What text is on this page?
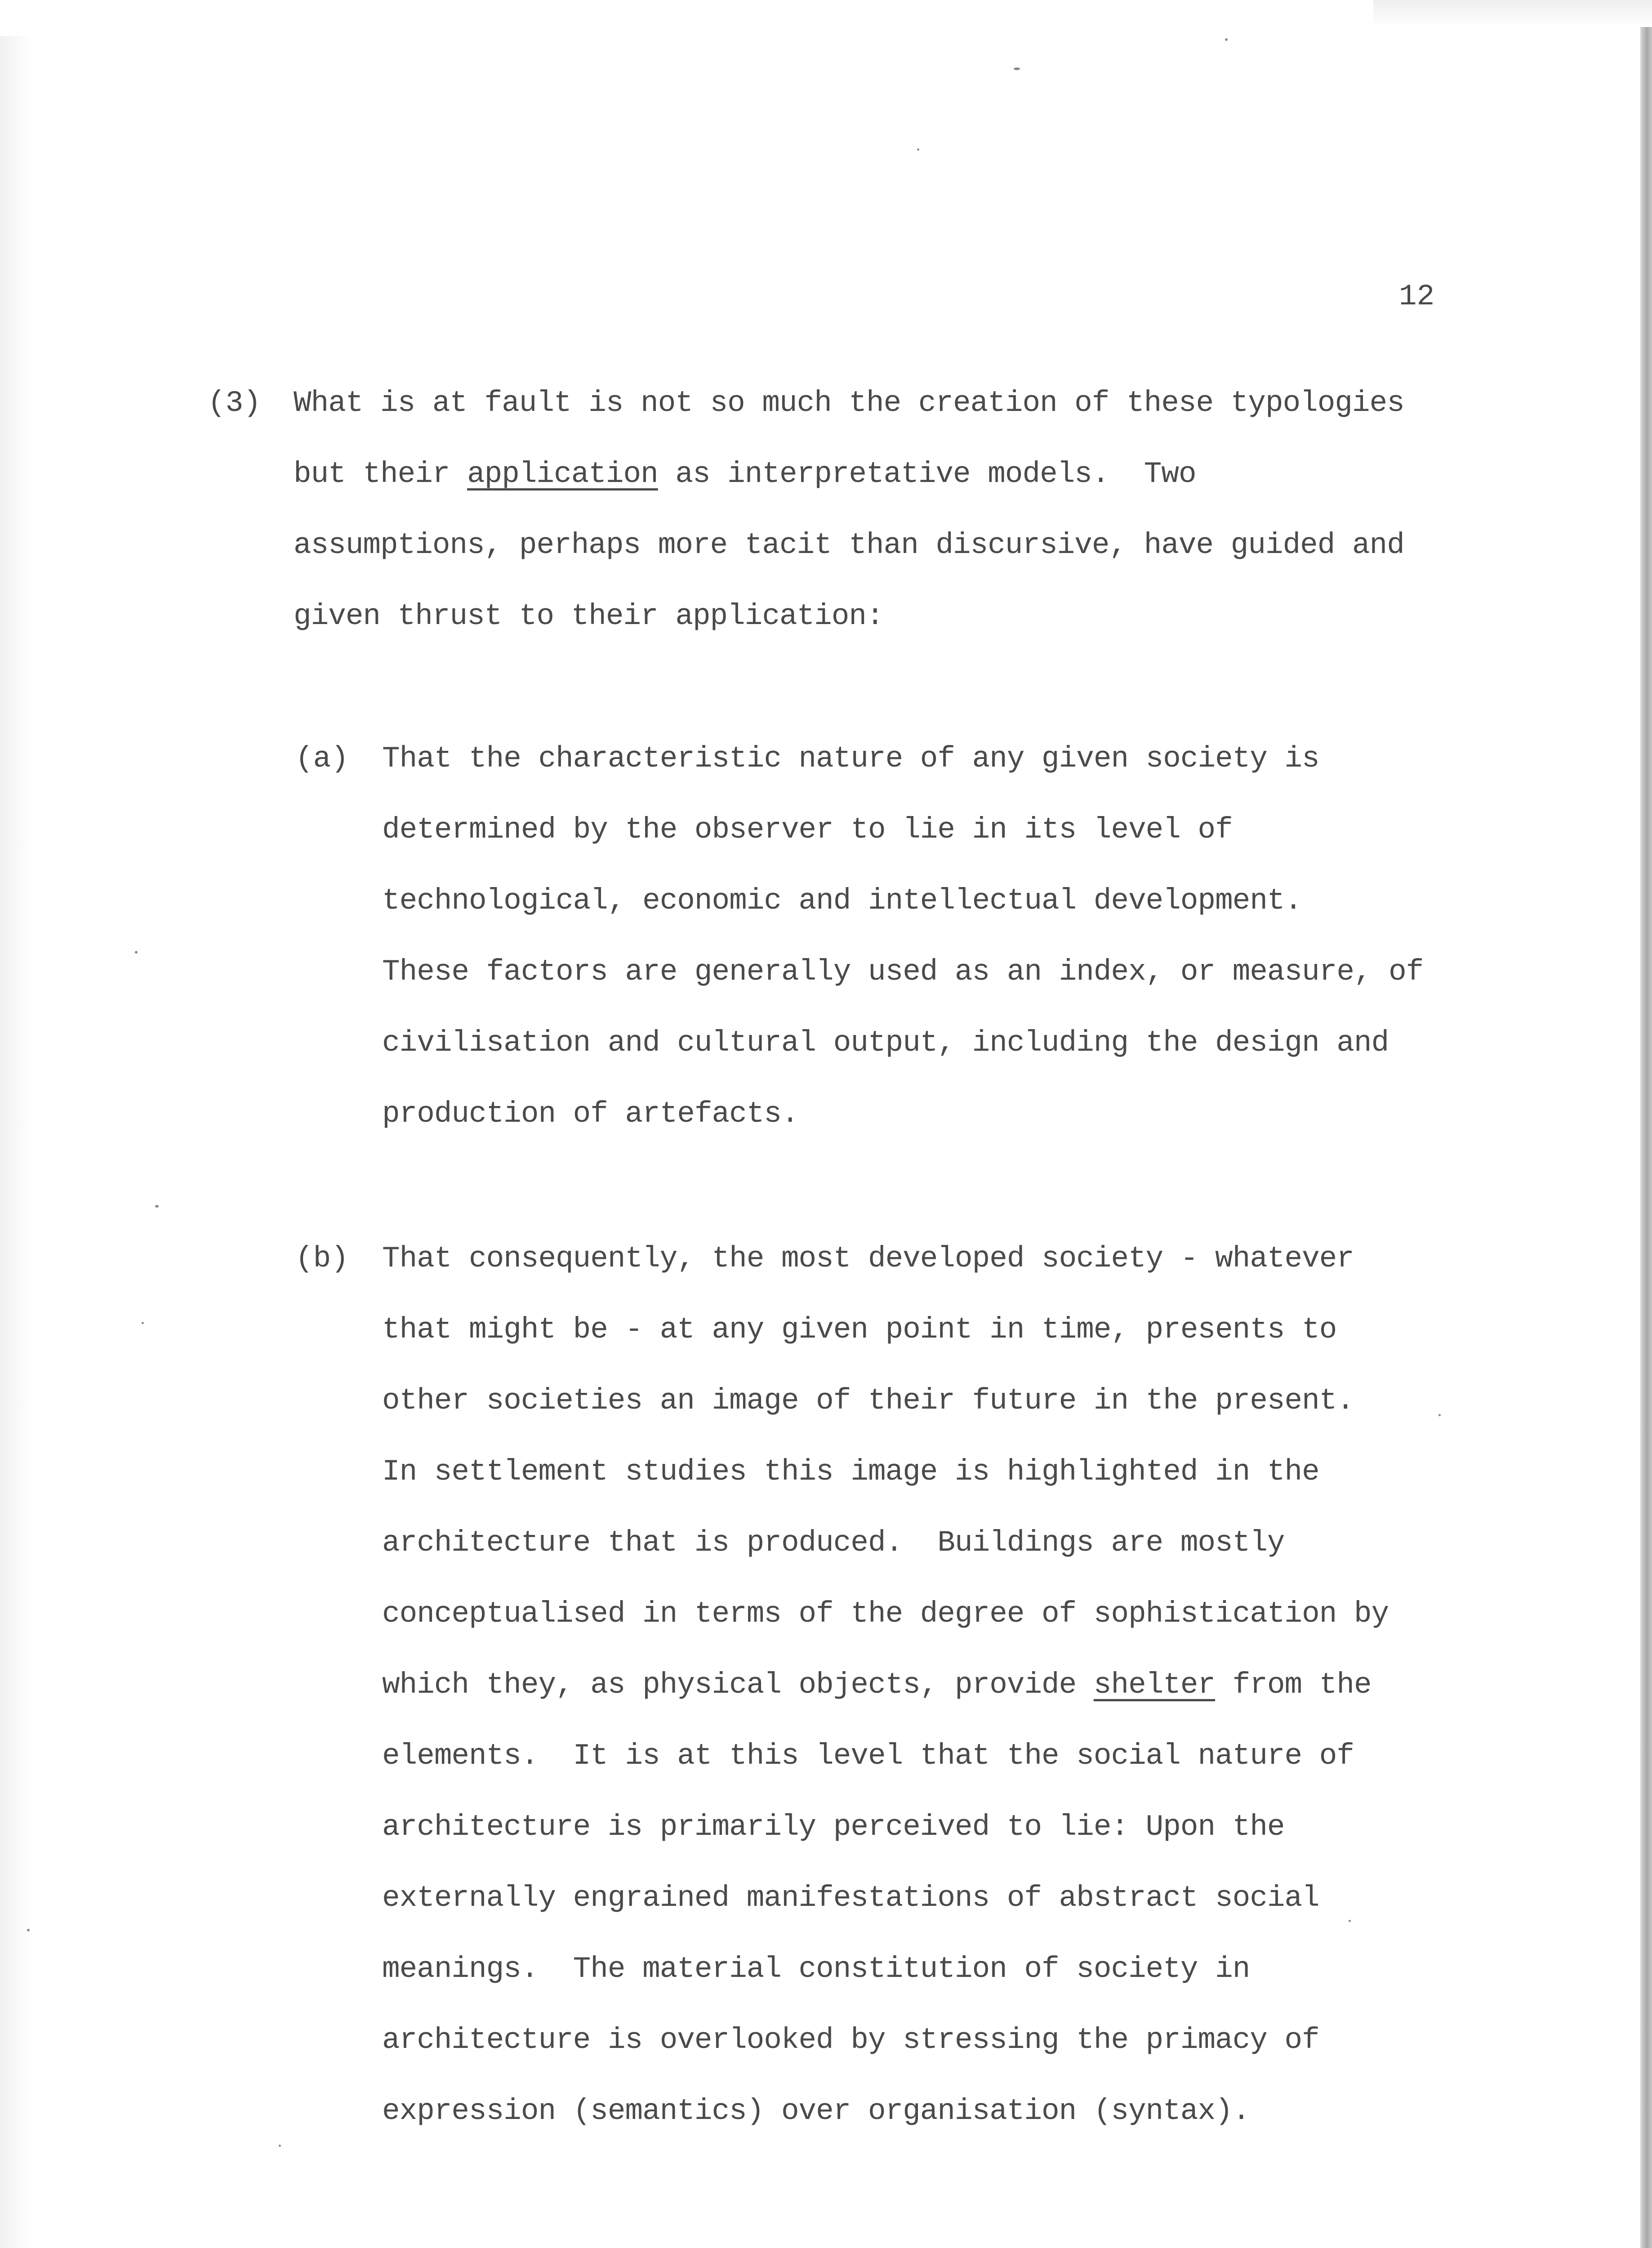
12
(3) What is at fault is not so much the creation of these typologies
but their application as interpretative models.  Two
assumptions, perhaps more tacit than discursive, have guided and
given thrust to their application:
(a) That the characteristic nature of any given society is
determined by the observer to lie in its level of
technological, economic and intellectual development.
These factors are generally used as an index, or measure, of
civilisation and cultural output, including the design and
production of artefacts.
(b) That consequently, the most developed society - whatever
that might be - at any given point in time, presents to
other societies an image of their future in the present.
In settlement studies this image is highlighted in the
architecture that is produced.  Buildings are mostly
conceptualised in terms of the degree of sophistication by
which they, as physical objects, provide shelter from the
elements.  It is at this level that the social nature of
architecture is primarily perceived to lie: Upon the
externally engrained manifestations of abstract social
meanings.  The material constitution of society in
architecture is overlooked by stressing the primacy of
expression (semantics) over organisation (syntax).
